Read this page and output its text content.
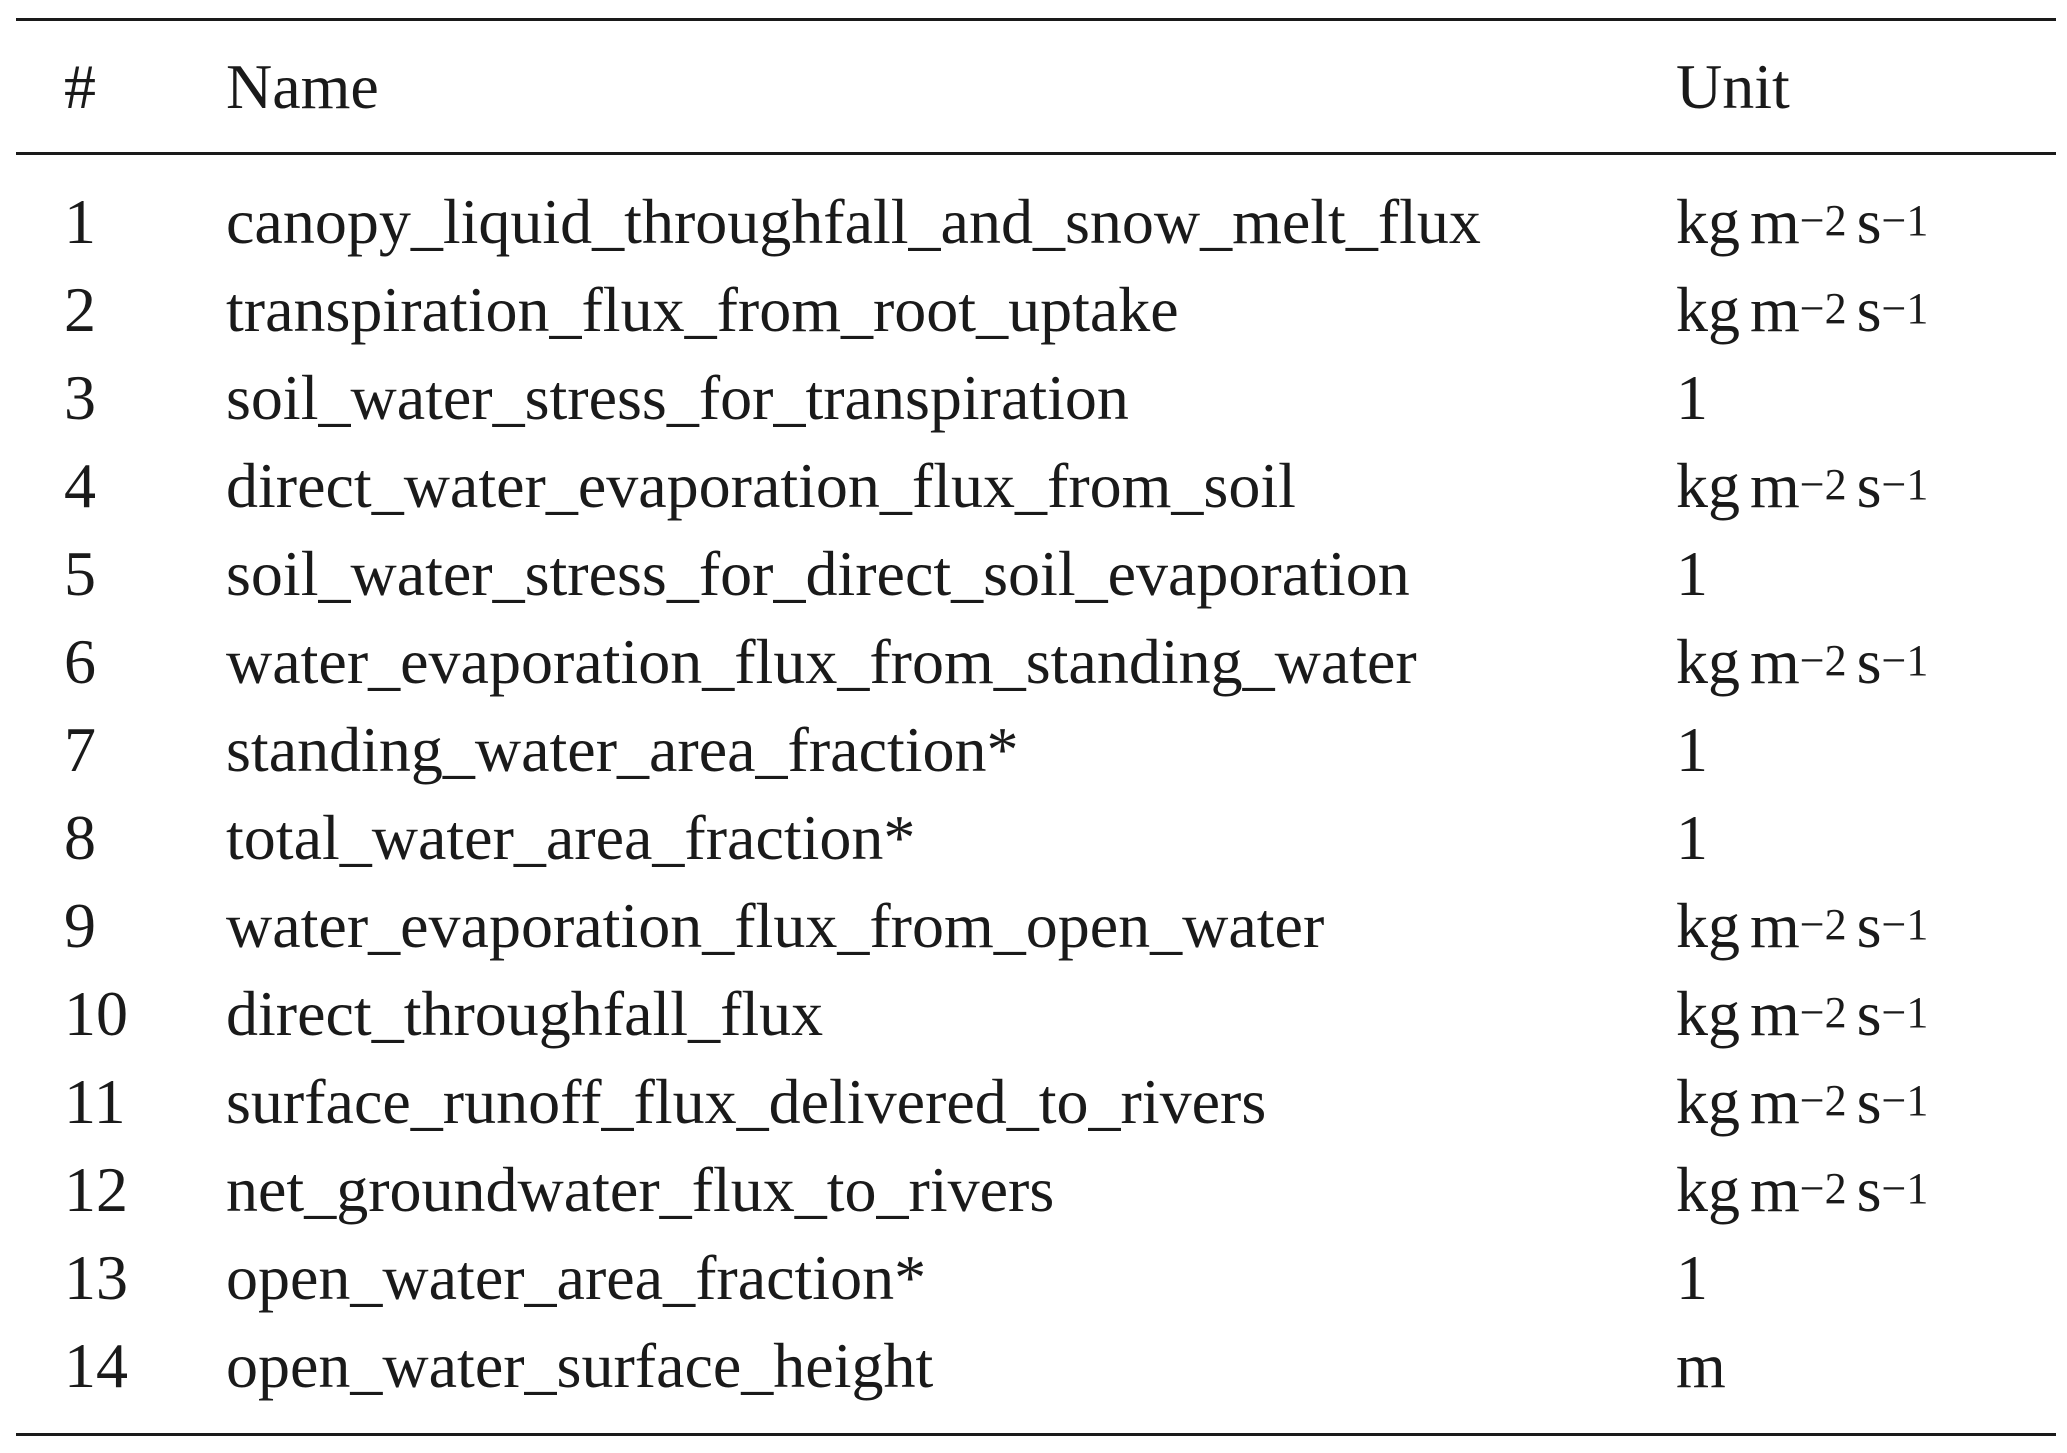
# Name	Unit
1 canopy_liquid_throughfall_and_snow_melt_flux	kg $m^{-2}$ $s^{-1}$
2 transpiration_flux_from_root_uptake	kg $m^{-2}$ $s^{-1}$
3 soil_water_stress_for_transpiration	1
4 direct_water_evaporation_flux_from_soil	kg $m^{-2}$ $s^{-1}$
5 soil_water_stress_for_direct_soil_evaporation	1
6 water_evaporation_flux_from_standing_water	kg $m^{-2}$ $s^{-1}$
7 standing_water_area_fraction*	1
8 total_water_area_fraction*	1
9 water_evaporation_flux_from_open_water	kg $m^{-2}$ $s^{-1}$
10 direct_throughfall_flux	kg $m^{-2}$ $s^{-1}$
11 surface_runoff_flux_delivered_to_rivers	kg $m^{-2}$ $s^{-1}$
12 net_groundwater_flux_to_rivers	kg $m^{-2}$ $s^{-1}$
13 open_water_area_fraction*	1
14 open_water_surface_height	m
